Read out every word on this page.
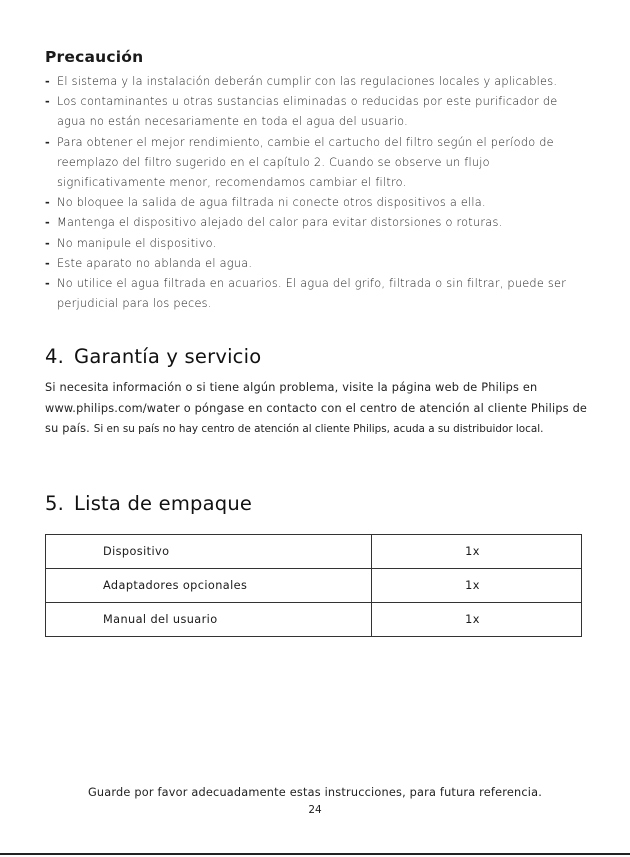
Precaución
- El sistema y la instalación deberán cumplir con las regulaciones locales y aplicables.
- Los contaminantes u otras sustancias eliminadas o reducidas por este purificador de agua no están necesariamente en toda el agua del usuario.
- Para obtener el mejor rendimiento, cambie el cartucho del filtro según el período de reemplazo del filtro sugerido en el capítulo 2. Cuando se observe un flujo significativamente menor, recomendamos cambiar el filtro.
- No bloquee la salida de agua filtrada ni conecte otros dispositivos a ella.
- Mantenga el dispositivo alejado del calor para evitar distorsiones o roturas.
- No manipule el dispositivo.
- Este aparato no ablanda el agua.
- No utilice el agua filtrada en acuarios. El agua del grifo, filtrada o sin filtrar, puede ser perjudicial para los peces.
4. Garantía y servicio

Si necesita información o si tiene algún problema, visite la página web de Philips en www.philips.com/water o póngase en contacto con el centro de atención al cliente Philips de su país. Si en su país no hay centro de atención al cliente Philips, acuda a su distribuidor local.

5. Lista de empaque
Dispositivo	1x
Adaptadores opcionales	1x
Manual del usuario	1x
Guarde por favor adecuadamente estas instrucciones, para futura referencia.
24
